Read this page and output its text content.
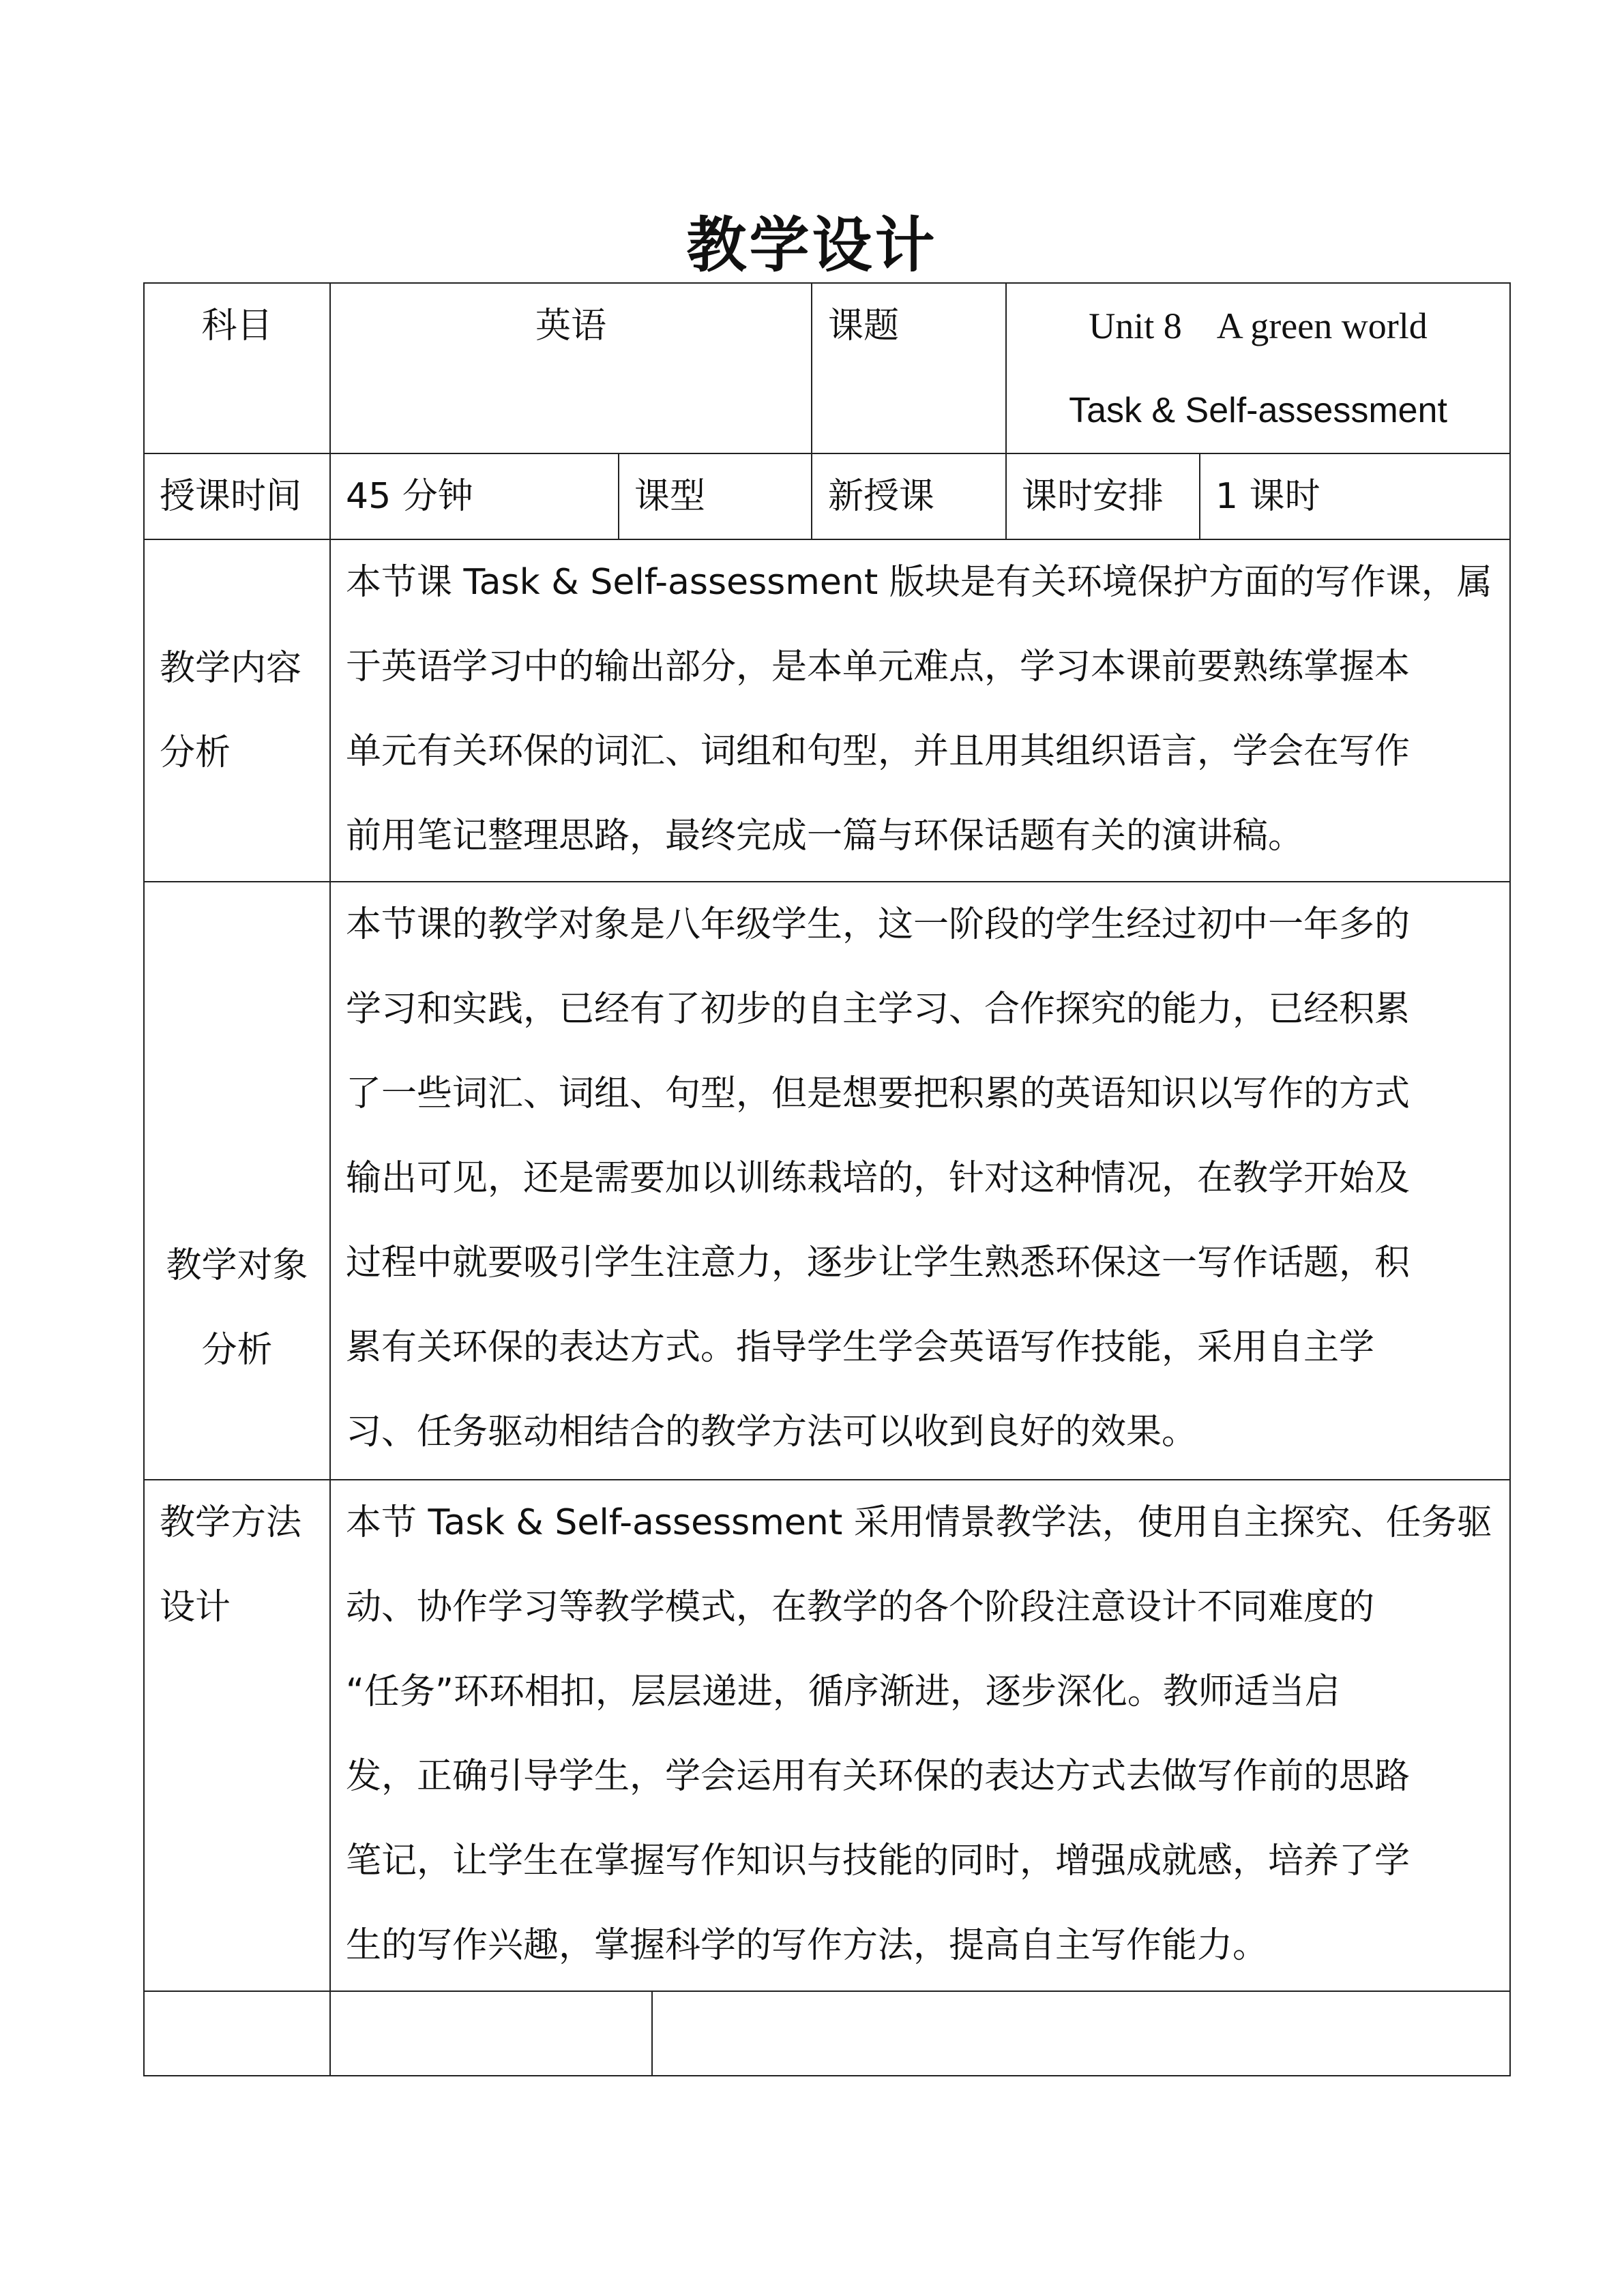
教学设计
科目	英语	课题	Unit 8    A green world
Task & Self-assessment
授课时间 45 分钟	课型	新授课 课时安排 1 课时
教学内容
分析
本节课 Task & Self-assessment 版块是有关环境保护方面的写作课，属
于英语学习中的输出部分，是本单元难点，学习本课前要熟练掌握本
单元有关环保的词汇、词组和句型，并且用其组织语言，学会在写作
前用笔记整理思路，最终完成一篇与环保话题有关的演讲稿。
教学对象
分析
本节课的教学对象是八年级学生，这一阶段的学生经过初中一年多的
学习和实践，已经有了初步的自主学习、合作探究的能力，已经积累
了一些词汇、词组、句型，但是想要把积累的英语知识以写作的方式
输出可见，还是需要加以训练栽培的，针对这种情况，在教学开始及
过程中就要吸引学生注意力，逐步让学生熟悉环保这一写作话题，积
累有关环保的表达方式。指导学生学会英语写作技能，采用自主学
习、任务驱动相结合的教学方法可以收到良好的效果。
教学方法
设计
本节 Task & Self-assessment 采用情景教学法，使用自主探究、任务驱
动、协作学习等教学模式，在教学的各个阶段注意设计不同难度的
“任务”环环相扣，层层递进，循序渐进，逐步深化。教师适当启
发，正确引导学生，学会运用有关环保的表达方式去做写作前的思路
笔记，让学生在掌握写作知识与技能的同时，增强成就感，培养了学
生的写作兴趣，掌握科学的写作方法，提高自主写作能力。
